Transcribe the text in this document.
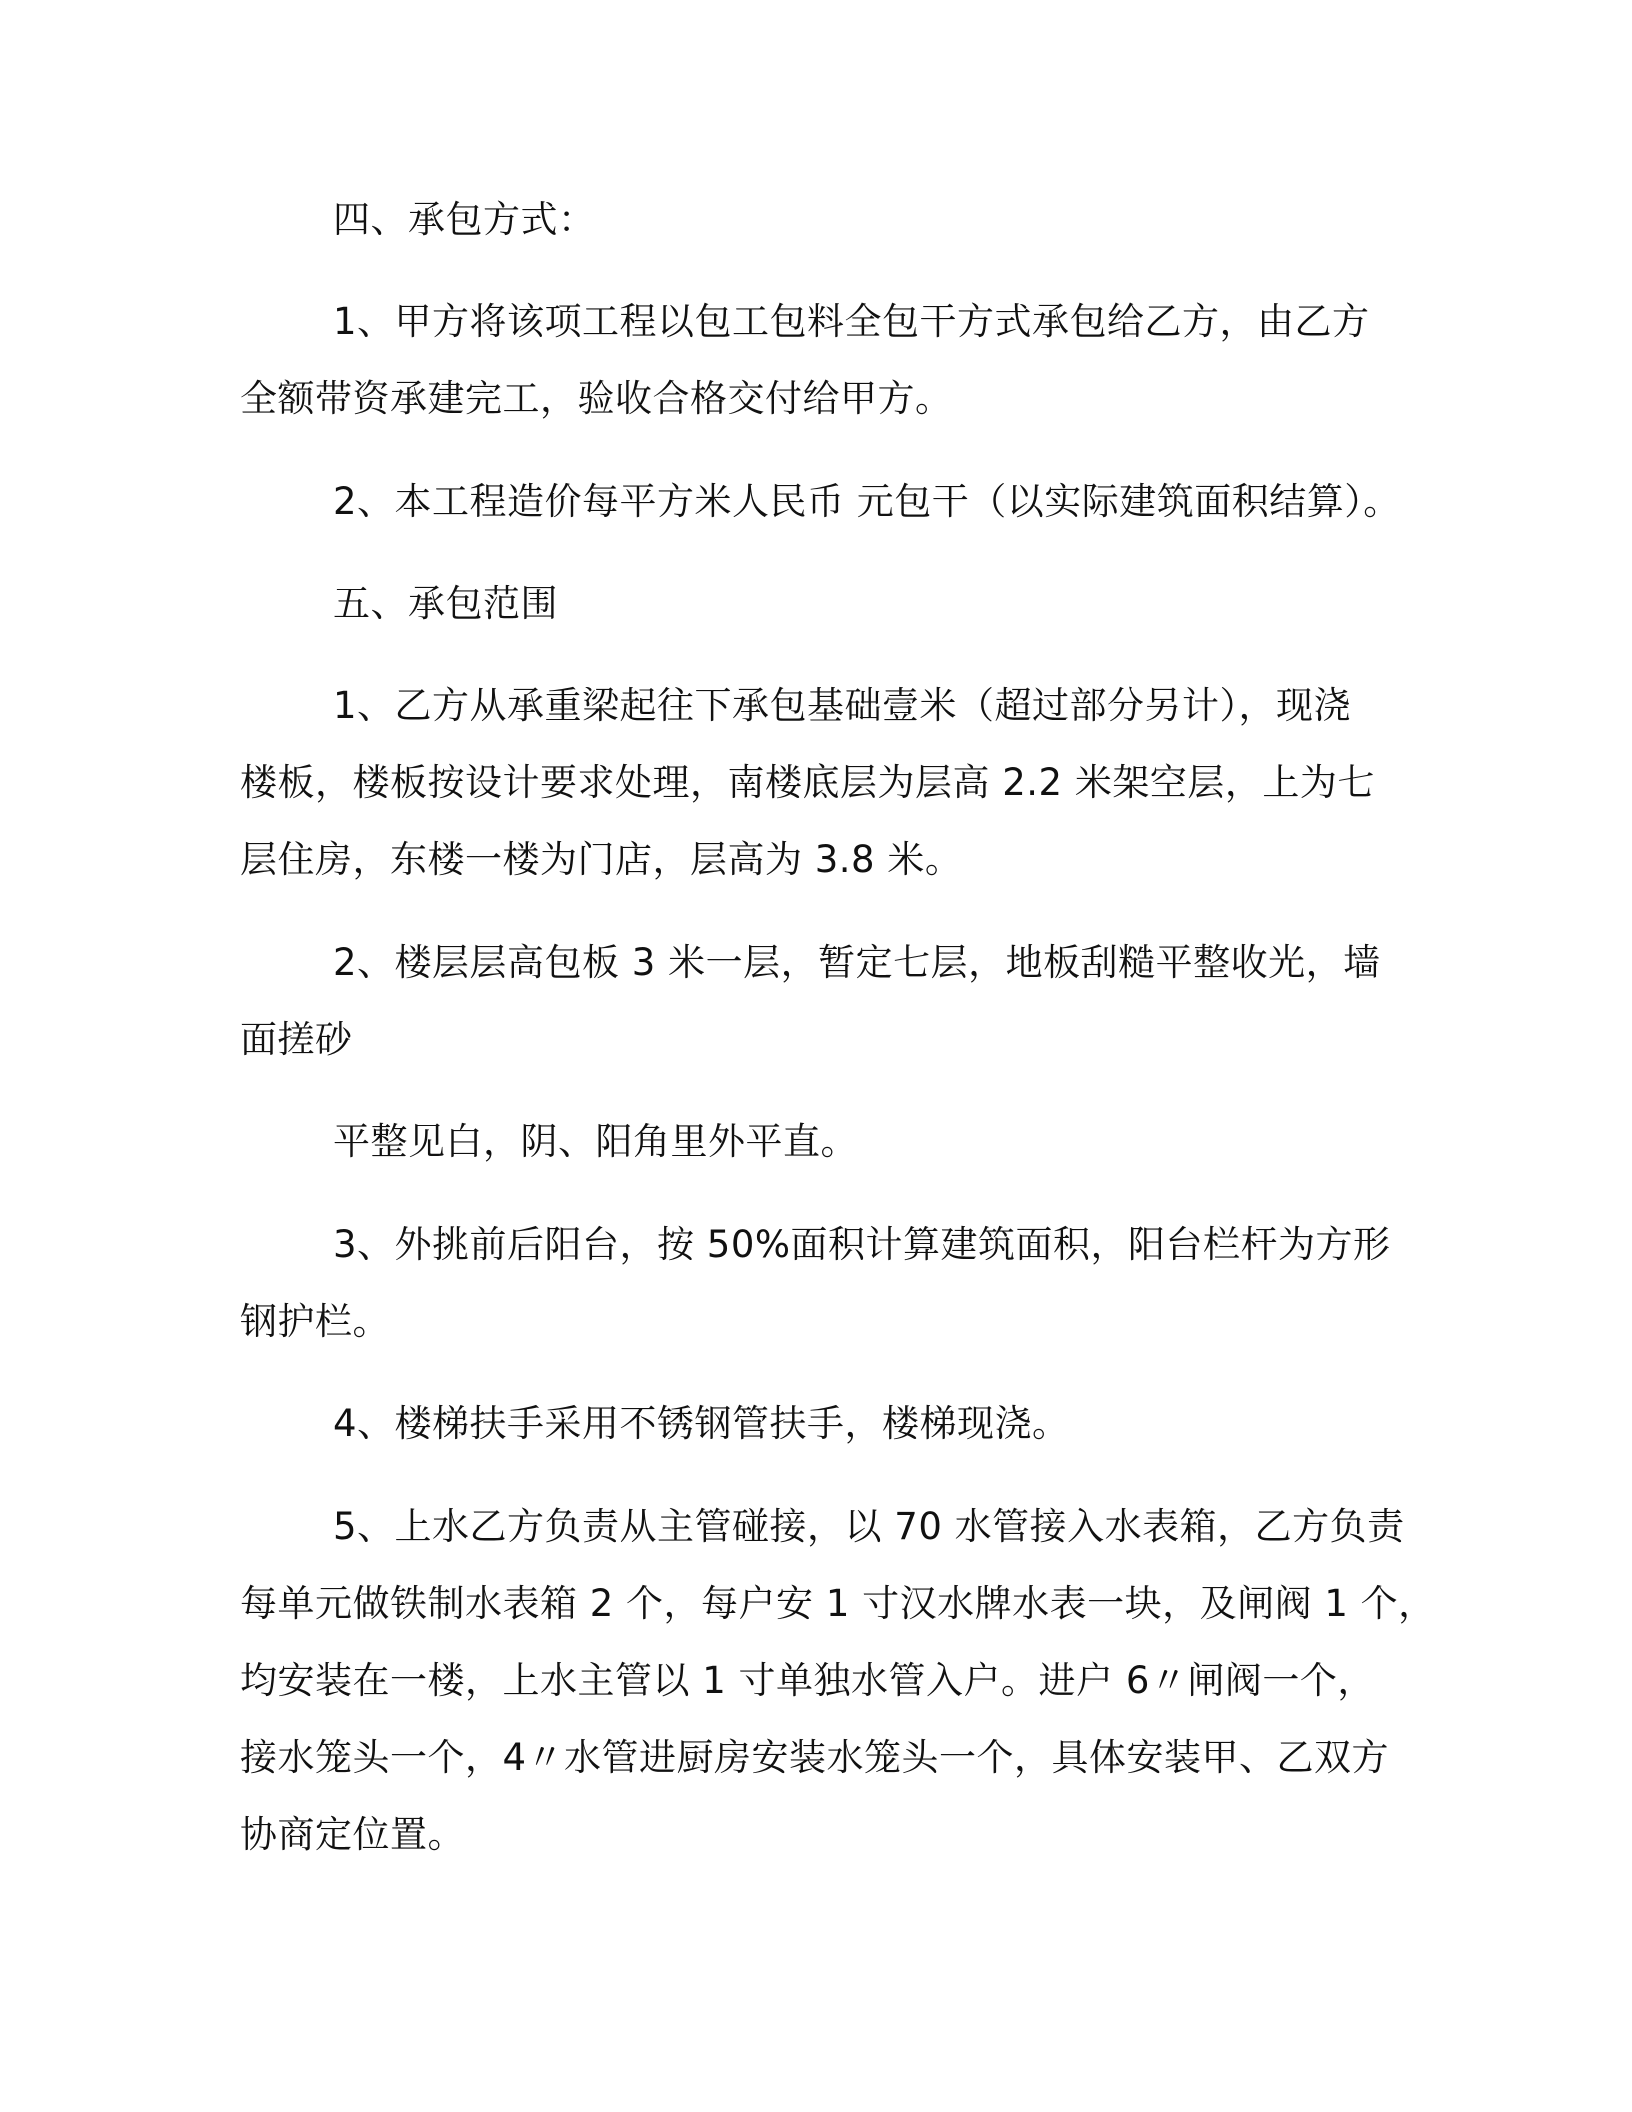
四、承包方式：
1、甲方将该项工程以包工包料全包干方式承包给乙方，由乙方
全额带资承建完工，验收合格交付给甲方。
2、本工程造价每平方米人民币 元包干（以实际建筑面积结算）。
五、承包范围
1、乙方从承重梁起往下承包基础壹米（超过部分另计），现浇
楼板，楼板按设计要求处理，南楼底层为层高 2.2 米架空层，上为七
层住房，东楼一楼为门店，层高为 3.8 米。
2、楼层层高包板 3 米一层，暂定七层，地板刮糙平整收光，墙
面搓砂
平整见白，阴、阳角里外平直。
3、外挑前后阳台，按 50%面积计算建筑面积，阳台栏杆为方形
钢护栏。
4、楼梯扶手采用不锈钢管扶手，楼梯现浇。
5、上水乙方负责从主管碰接，以 70 水管接入水表箱，乙方负责
每单元做铁制水表箱 2 个，每户安 1 寸汉水牌水表一块，及闸阀 1 个，
均安装在一楼，上水主管以 1 寸单独水管入户。进户 6〃闸阀一个，
接水笼头一个，4〃水管进厨房安装水笼头一个，具体安装甲、乙双方
协商定位置。
